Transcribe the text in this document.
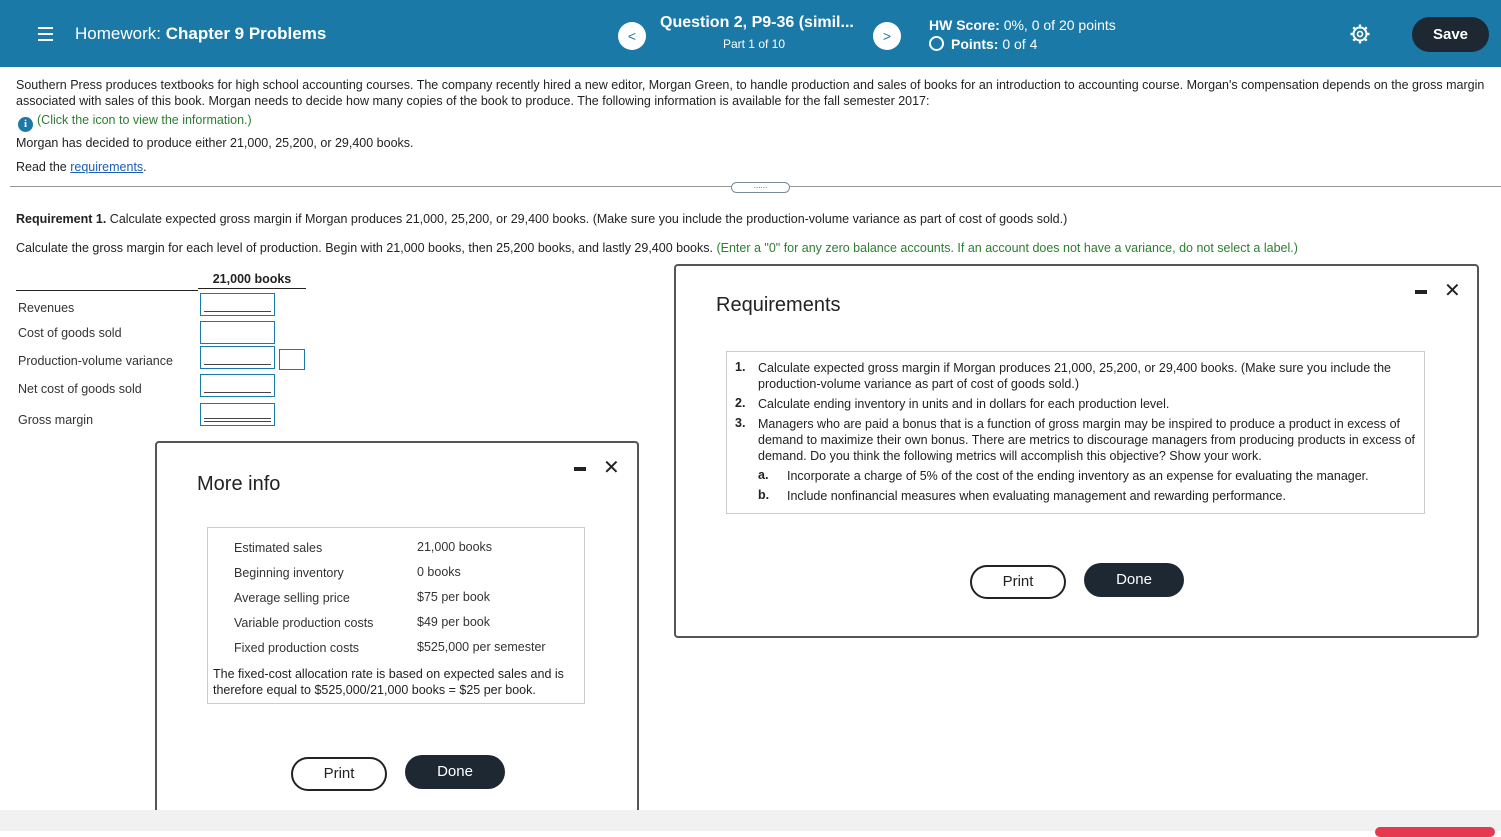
Homework: Chapter 9 Problems	<
Question 2, P9-36 (simil...
Part 1 of 10	>
HW Score: 0%, 0 of 20 points
Points: 0 of 4
Save
Southern Press produces textbooks for high school accounting courses. The company recently hired a new editor, Morgan Green, to handle production and sales of books for an introduction to accounting course. Morgan's compensation depends on the gross margin associated with sales of this book. Morgan needs to decide how many copies of the book to produce. The following information is available for the fall semester 2017:
i (Click the icon to view the information.)
Morgan has decided to produce either 21,000, 25,200, or 29,400 books.
Read the requirements.
......
Requirement 1. Calculate expected gross margin if Morgan produces 21,000, 25,200, or 29,400 books. (Make sure you include the production-volume variance as part of cost of goods sold.)
Calculate the gross margin for each level of production. Begin with 21,000 books, then 25,200 books, and lastly 29,400 books. (Enter a "0" for any zero balance accounts. If an account does not have a variance, do not select a label.)
21,000 books
Revenues
Cost of goods sold
Production-volume variance
Net cost of goods sold
Gross margin
More info
✕
Estimated sales	21,000 books
Beginning inventory	0 books
Average selling price	$75 per book
Variable production costs	$49 per book
Fixed production costs	$525,000 per semester
The fixed-cost allocation rate is based on expected sales and is therefore equal to $525,000/21,000 books = $25 per book.
Print	Done
Requirements
✕
1. Calculate expected gross margin if Morgan produces 21,000, 25,200, or 29,400 books. (Make sure you include the production-volume variance as part of cost of goods sold.)
2. Calculate ending inventory in units and in dollars for each production level.
3. Managers who are paid a bonus that is a function of gross margin may be inspired to produce a product in excess of demand to maximize their own bonus. There are metrics to discourage managers from producing products in excess of demand. Do you think the following metrics will accomplish this objective? Show your work.
a. Incorporate a charge of 5% of the cost of the ending inventory as an expense for evaluating the manager.
b. Include nonfinancial measures when evaluating management and rewarding performance.
Print	Done
